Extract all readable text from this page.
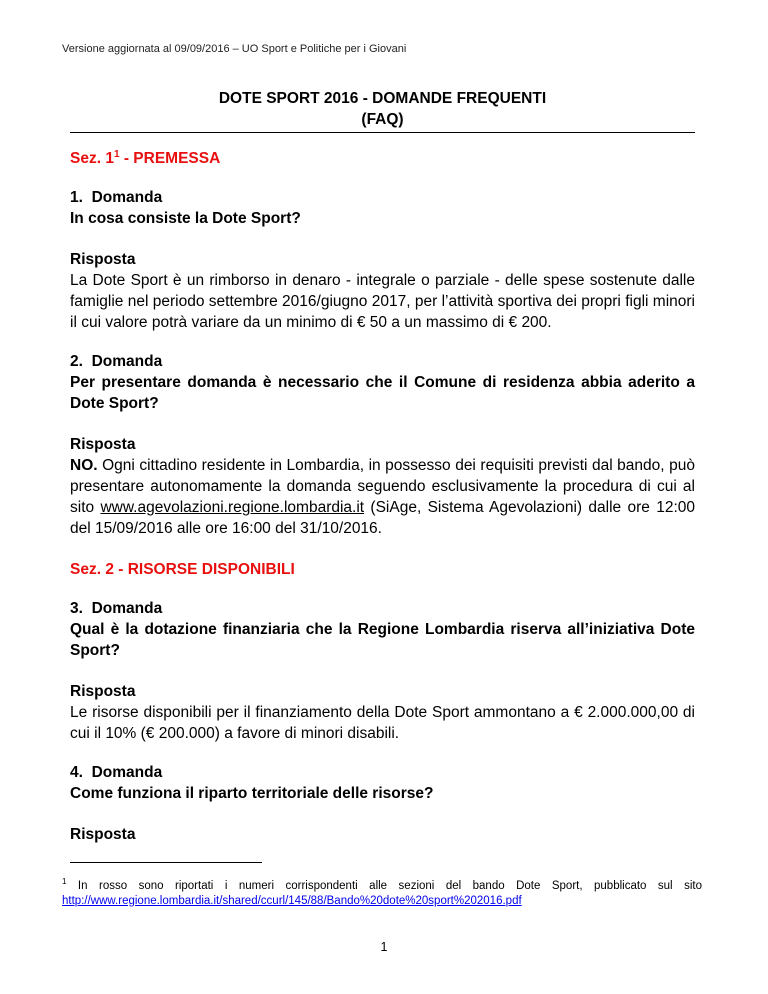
Versione aggiornata al 09/09/2016 – UO Sport e Politiche per i Giovani
DOTE SPORT 2016 - DOMANDE FREQUENTI
(FAQ)

Sez. $1^1$ - PREMESSA

1. Domanda

In cosa consiste la Dote Sport?

Risposta

La Dote Sport è un rimborso in denaro - integrale o parziale - delle spese sostenute dalle famiglie nel periodo settembre 2016/giugno 2017, per l’attività sportiva dei propri figli minori il cui valore potrà variare da un minimo di € 50 a un massimo di € 200.

2. Domanda

Per presentare domanda è necessario che il Comune di residenza abbia aderito a Dote Sport?

Risposta

NO. Ogni cittadino residente in Lombardia, in possesso dei requisiti previsti dal bando, può presentare autonomamente la domanda seguendo esclusivamente la procedura di cui al sito www.agevolazioni.regione.lombardia.it (SiAge, Sistema Agevolazioni) dalle ore 12:00 del 15/09/2016 alle ore 16:00 del 31/10/2016.

Sez. 2 - RISORSE DISPONIBILI

3. Domanda

Qual è la dotazione finanziaria che la Regione Lombardia riserva all’iniziativa Dote Sport?

Risposta

Le risorse disponibili per il finanziamento della Dote Sport ammontano a € 2.000.000,00 di cui il 10% (€ 200.000) a favore di minori disabili.

4. Domanda

Come funziona il riparto territoriale delle risorse?

Risposta

$^1$ In rosso sono riportati i numeri corrispondenti alle sezioni del bando Dote Sport, pubblicato sul sito http://www.regione.lombardia.it/shared/ccurl/145/88/Bando%20dote%20sport%202016.pdf
1
